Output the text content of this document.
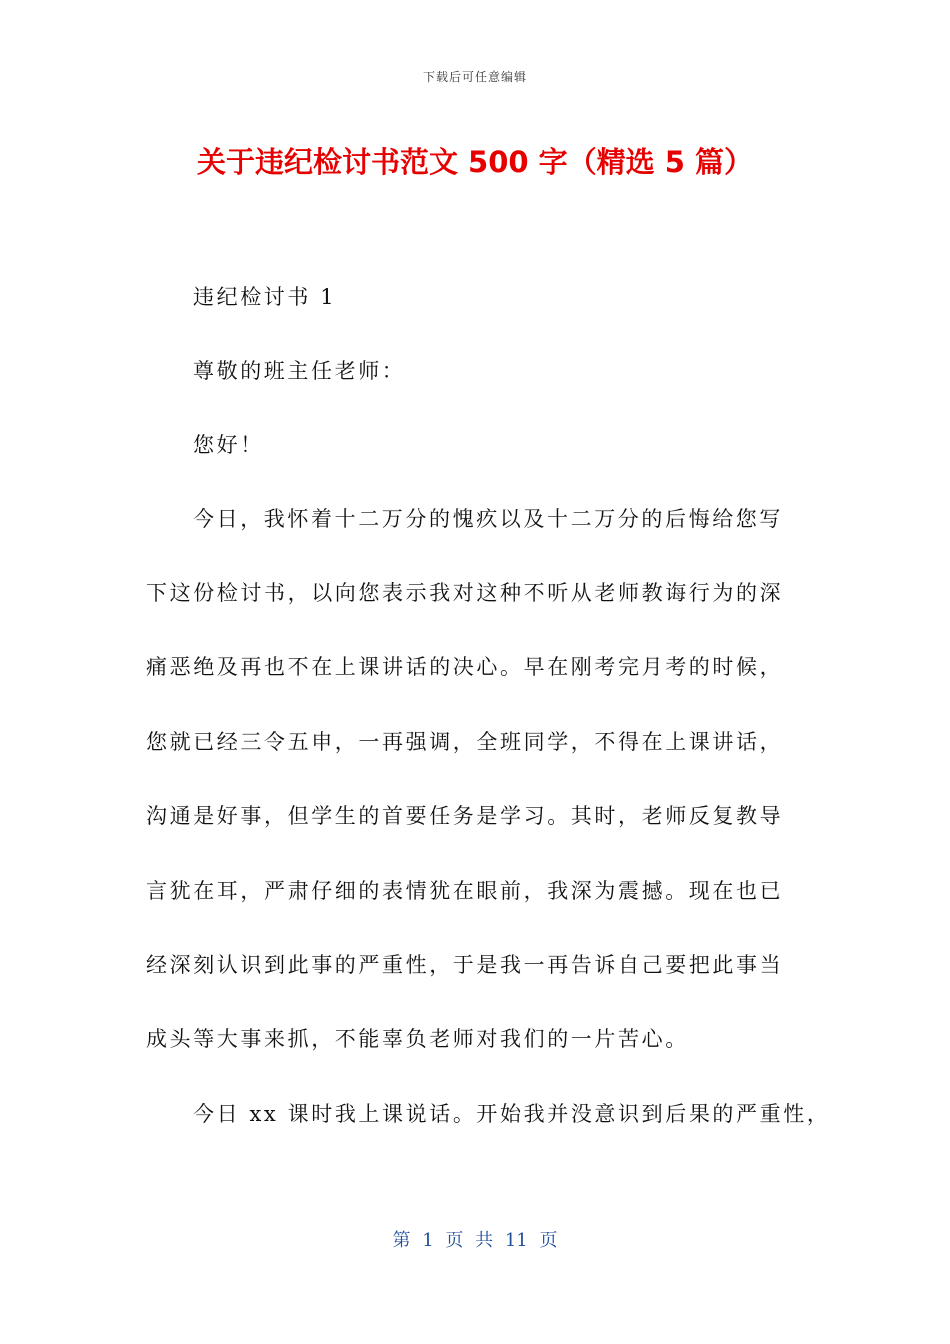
下载后可任意编辑
关于违纪检讨书范文 500 字（精选 5 篇）
违纪检讨书 1
尊敬的班主任老师：
您好！
今日，我怀着十二万分的愧疚以及十二万分的后悔给您写
下这份检讨书，以向您表示我对这种不听从老师教诲行为的深
痛恶绝及再也不在上课讲话的决心。早在刚考完月考的时候，
您就已经三令五申，一再强调，全班同学，不得在上课讲话，
沟通是好事，但学生的首要任务是学习。其时，老师反复教导
言犹在耳，严肃仔细的表情犹在眼前，我深为震撼。现在也已
经深刻认识到此事的严重性，于是我一再告诉自己要把此事当
成头等大事来抓，不能辜负老师对我们的一片苦心。
今日 xx 课时我上课说话。开始我并没意识到后果的严重性，
第 1 页 共 11 页
